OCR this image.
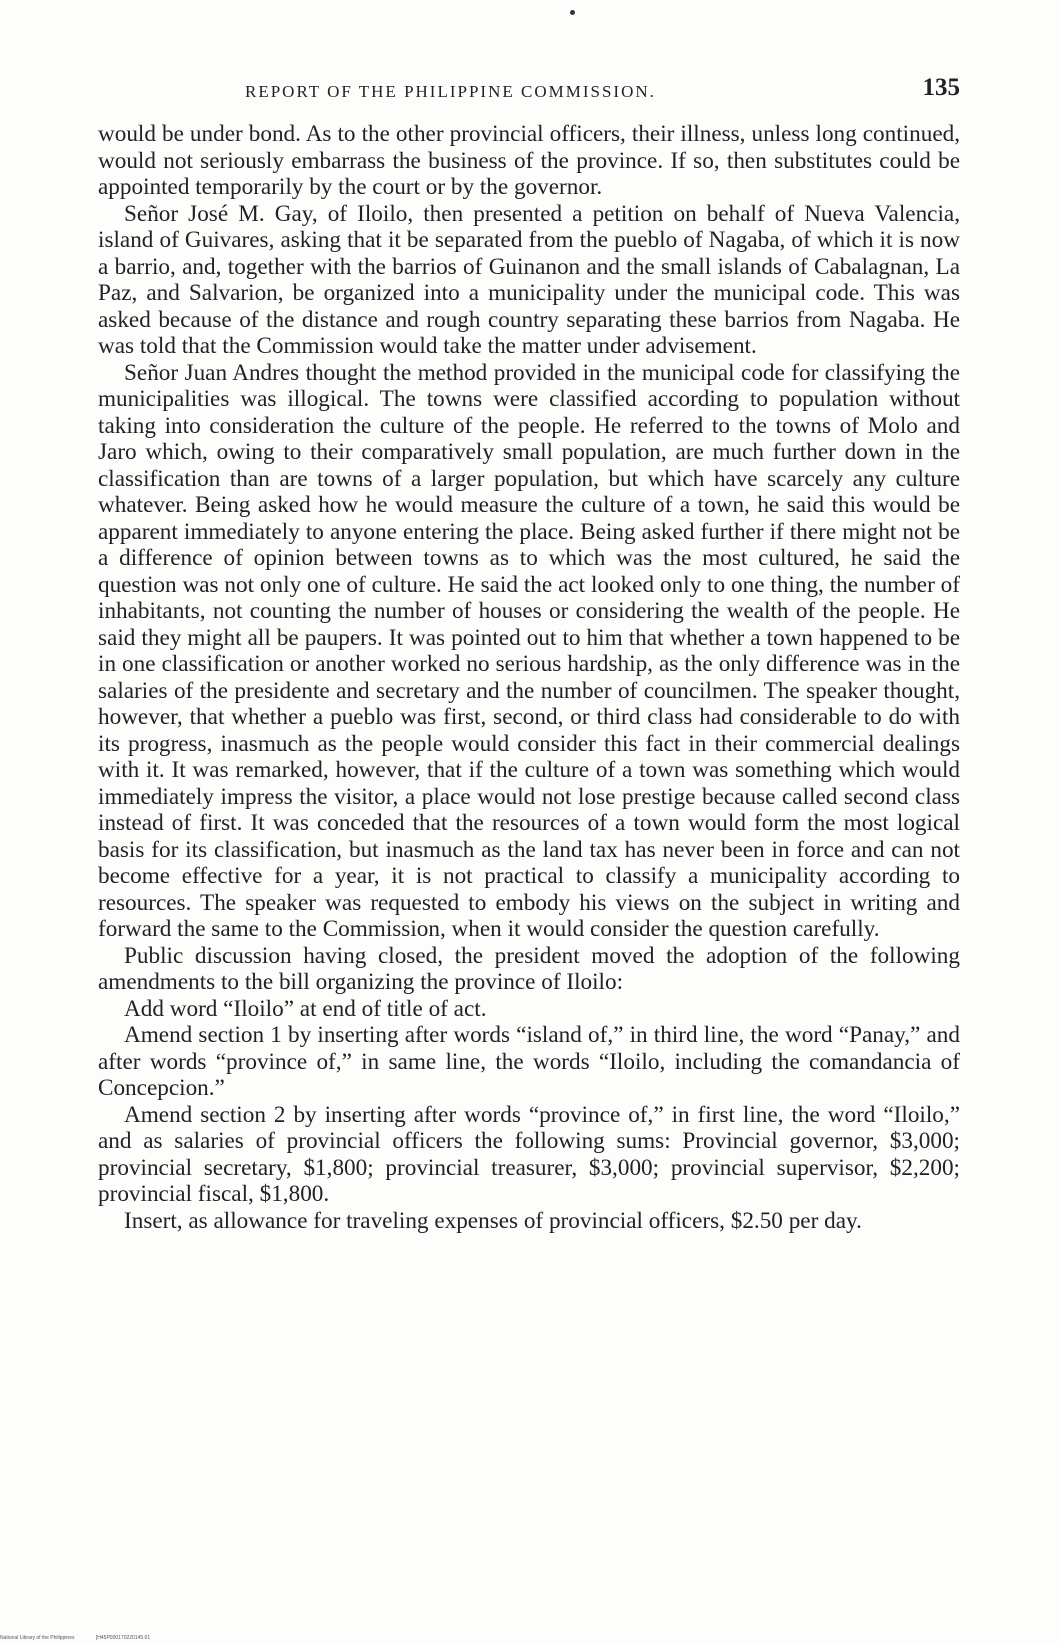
REPORT OF THE PHILIPPINE COMMISSION.	135

would be under bond. As to the other provincial officers, their illness, unless long continued, would not seriously embarrass the business of the province. If so, then substitutes could be appointed temporarily by the court or by the governor.

Señor José M. Gay, of Iloilo, then presented a petition on behalf of Nueva Valencia, island of Guivares, asking that it be separated from the pueblo of Nagaba, of which it is now a barrio, and, together with the barrios of Guinanon and the small islands of Cabalagnan, La Paz, and Salvarion, be organized into a municipality under the municipal code. This was asked because of the distance and rough country separating these barrios from Nagaba. He was told that the Commission would take the matter under advisement.

Señor Juan Andres thought the method provided in the municipal code for classifying the municipalities was illogical. The towns were classified according to population without taking into consideration the culture of the people. He referred to the towns of Molo and Jaro which, owing to their comparatively small population, are much further down in the classification than are towns of a larger population, but which have scarcely any culture whatever. Being asked how he would measure the culture of a town, he said this would be apparent immediately to anyone entering the place. Being asked further if there might not be a difference of opinion between towns as to which was the most cultured, he said the question was not only one of culture. He said the act looked only to one thing, the number of inhabitants, not counting the number of houses or considering the wealth of the people. He said they might all be paupers. It was pointed out to him that whether a town happened to be in one classification or another worked no serious hardship, as the only difference was in the salaries of the presidente and secretary and the number of councilmen. The speaker thought, however, that whether a pueblo was first, second, or third class had considerable to do with its progress, inasmuch as the people would consider this fact in their commercial dealings with it. It was remarked, however, that if the culture of a town was something which would immediately impress the visitor, a place would not lose prestige because called second class instead of first. It was conceded that the resources of a town would form the most logical basis for its classification, but inasmuch as the land tax has never been in force and can not become effective for a year, it is not practical to classify a municipality according to resources. The speaker was requested to embody his views on the subject in writing and forward the same to the Commission, when it would consider the question carefully.

Public discussion having closed, the president moved the adoption of the following amendments to the bill organizing the province of Iloilo:

Add word “Iloilo” at end of title of act.

Amend section 1 by inserting after words “island of,” in third line, the word “Panay,” and after words “province of,” in same line, the words “Iloilo, including the comandancia of Concepcion.”

Amend section 2 by inserting after words “province of,” in first line, the word “Iloilo,” and as salaries of provincial officers the following sums: Provincial governor, $3,000; provincial secretary, $1,800; provincial treasurer, $3,000; provincial supervisor, $2,200; provincial fiscal, $1,800.

Insert, as allowance for traveling expenses of provincial officers, $2.50 per day.

National Library of the Philippines	[H45P000170220145.01
